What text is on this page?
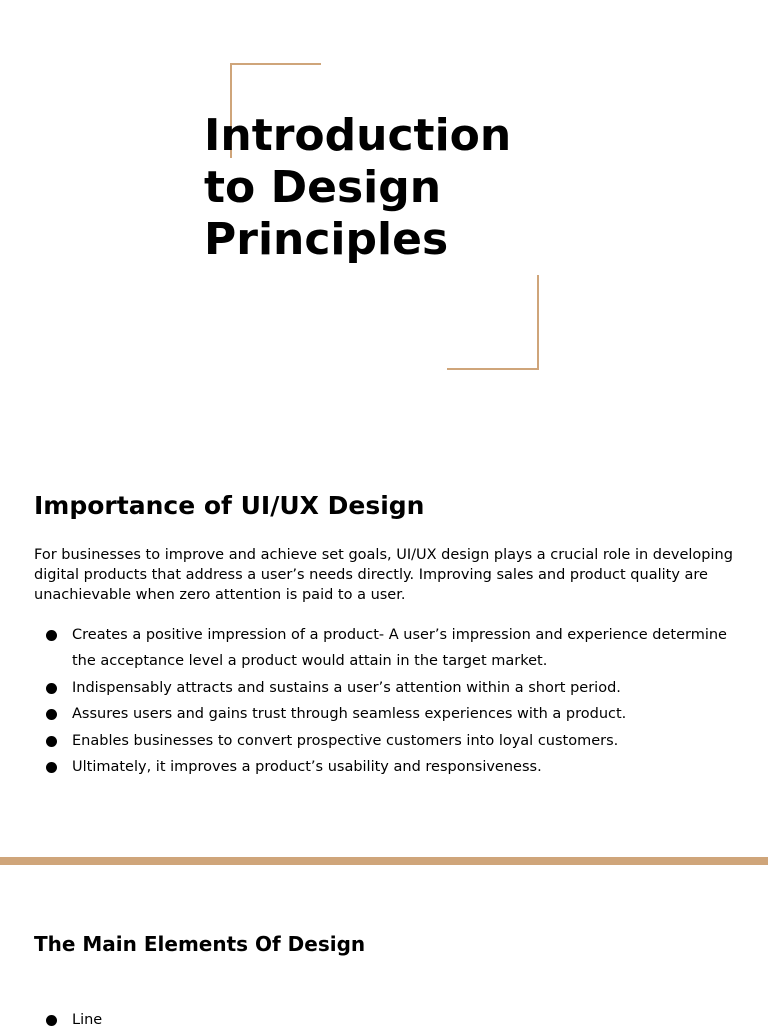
Introduction
to Design
Principles
Importance of UI/UX Design

For businesses to improve and achieve set goals, UI/UX design plays a crucial role in developing digital products that address a user’s needs directly. Improving sales and product quality are unachievable when zero attention is paid to a user.

Creates a positive impression of a product- A user’s impression and experience determine the acceptance level a product would attain in the target market.
Indispensably attracts and sustains a user’s attention within a short period.
Assures users and gains trust through seamless experiences with a product.
Enables businesses to convert prospective customers into loyal customers.
Ultimately, it improves a product’s usability and responsiveness.
The Main Elements Of Design
Line
